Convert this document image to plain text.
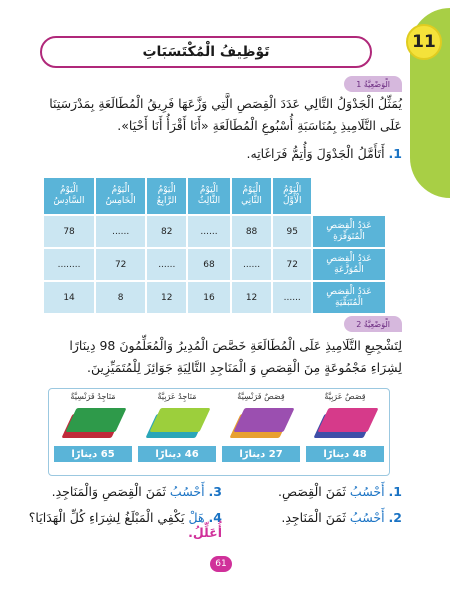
11
تَوْظِيفُ الْمُكْتَسَبَاتِ
الْوَضْعِيَّةُ 1
يُمَثِّلُ الْجَدْوَلُ التَّالِي عَدَدَ الْقِصَصِ الَّتِي وَزَّعَهَا فَرِيقُ الْمُطَالَعَةِ بِمَدْرَسَتِنَا
عَلَى التَّلَامِيذِ بِمُنَاسَبَةِ أُسْبُوعِ الْمُطَالَعَةِ «أَنَا أَقْرَأُ أَنَا أَحْيَا».
1. أَتَأَمَّلُ الْجَدْوَلَ وَأُتِمُّ فَرَاغَاتِه.
	الْيَوْمُ الْأَوَّلُ	الْيَوْمُ الثَّانِي	الْيَوْمُ الثَّالِثُ	الْيَوْمُ الرَّابِعُ	الْيَوْمُ الْخَامِسُ	الْيَوْمُ السَّادِسُ
عَدَدُ الْقِصَصِ الْمُتَوَفِّرَةِ	95	88	......	82	......	78
عَدَدُ الْقِصَصِ الْمُوَزَّعَةِ	72	......	68	......	72	........
عَدَدُ الْقِصَصِ الْمُتَبَقِّيَةِ	......	12	16	12	8	14
الْوَضْعِيَّةُ 2
لِتَشْجِيعِ التَّلَامِيذِ عَلَى الْمُطَالَعَةِ خَصَّصَ الْمُدِيرُ وَالْمُعَلِّمُونَ 98 دِينَارًا
لِشِرَاءِ مَجْمُوعَةٍ مِنَ الْقِصَصِ وَ الْمَنَاجِدِ التَّالِيَةِ جَوَائِزَ لِلْمُتَمَيِّزِينَ.
قِصَصٌ عَرَبِيَّةٌ
قِصَصٌ فَرَنْسِيَّةٌ
مَنَاجِدُ عَرَبِيَّةٌ
مَنَاجِدُ فَرَنْسِيَّةٌ
48 دينارًا
27 دينارًا
46 دينارًا
65 دينارًا
1. أَحْسُبُ ثَمَنَ الْقِصَصِ.
2. أَحْسُبُ ثَمَنَ الْمَنَاجِدِ.
3. أَحْسُبُ ثَمَنَ الْقِصَصِ وَالْمَنَاجِدِ.
4. هَلْ يَكْفِي الْمَبْلَغُ لِشِرَاءِ كُلِّ الْهَدَايَا؟ أُعَلِّلُ.
61
